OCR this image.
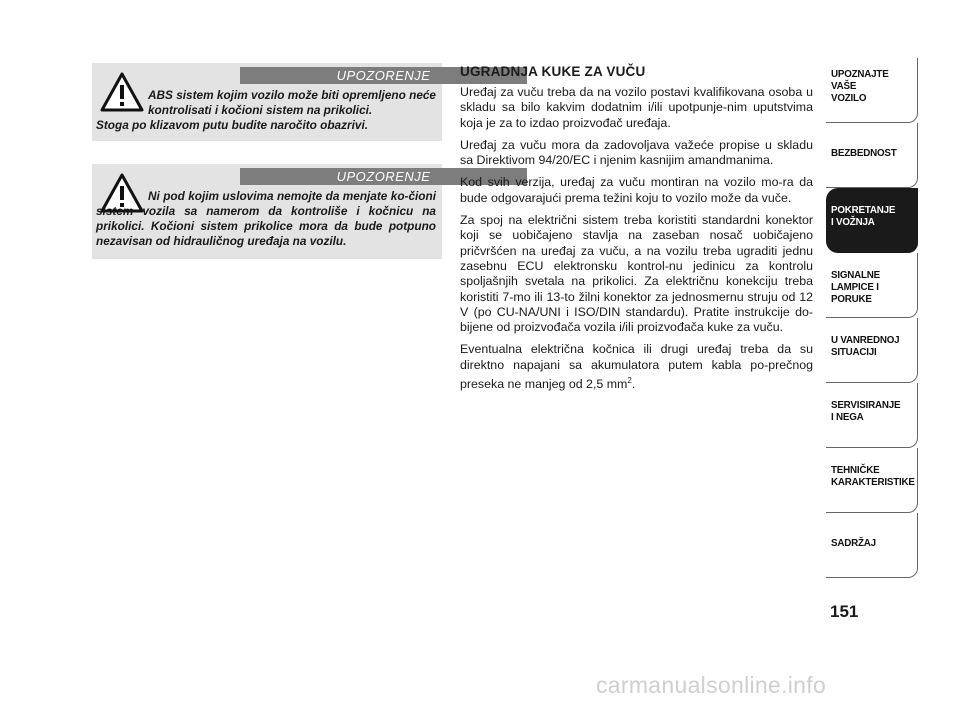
UPOZORENJE

ABS sistem kojim vozilo može biti opremljeno neće kontrolisati i kočioni sistem na prikolici.

Stoga po klizavom putu budite naročito obazrivi.

UPOZORENJE

Ni pod kojim uslovima nemojte da menjate ko-čioni sistem vozila sa namerom da kontroliše i kočnicu na prikolici. Kočioni sistem prikolice mora da bude potpuno nezavisan od hidrauličnog uređaja na vozilu.

UGRADNJA KUKE ZA VUČU

Uređaj za vuču treba da na vozilo postavi kvalifikovana osoba u skladu sa bilo kakvim dodatnim i/ili upotpunje-nim uputstvima koja je za to izdao proizvođač uređaja.

Uređaj za vuču mora da zadovoljava važeće propise u skladu sa Direktivom 94/20/EC i njenim kasnijim amandmanima.

Kod svih verzija, uređaj za vuču montiran na vozilo mo-ra da bude odgovarajući prema težini koju to vozilo može da vuče.

Za spoj na električni sistem treba koristiti standardni konektor koji se uobičajeno stavlja na zaseban nosač uobičajeno pričvršćen na uređaj za vuču, a na vozilu treba ugraditi jednu zasebnu ECU elektronsku kontrol-nu jedinicu za kontrolu spoljašnjih svetala na prikolici. Za električnu konekciju treba koristiti 7-mo ili 13-to žilni konektor za jednosmernu struju od 12 V (po CU-NA/UNI i ISO/DIN standardu). Pratite instrukcije do-bijene od proizvođača vozila i/ili proizvođača kuke za vuču.

Eventualna električna kočnica ili drugi uređaj treba da su direktno napajani sa akumulatora putem kabla po-prečnog preseka ne manjeg od 2,5 $mm^2$.

UPOZNAJTE
VAŠE
VOZILO
BEZBEDNOST
POKRETANJE
I VOŽNJA
SIGNALNE
LAMPICE I PORUKE
U VANREDNOJ
SITUACIJI
SERVISIRANJE
I NEGA
TEHNIČKE
KARAKTERISTIKE
SADRŽAJ
151
carmanualsonline.info
